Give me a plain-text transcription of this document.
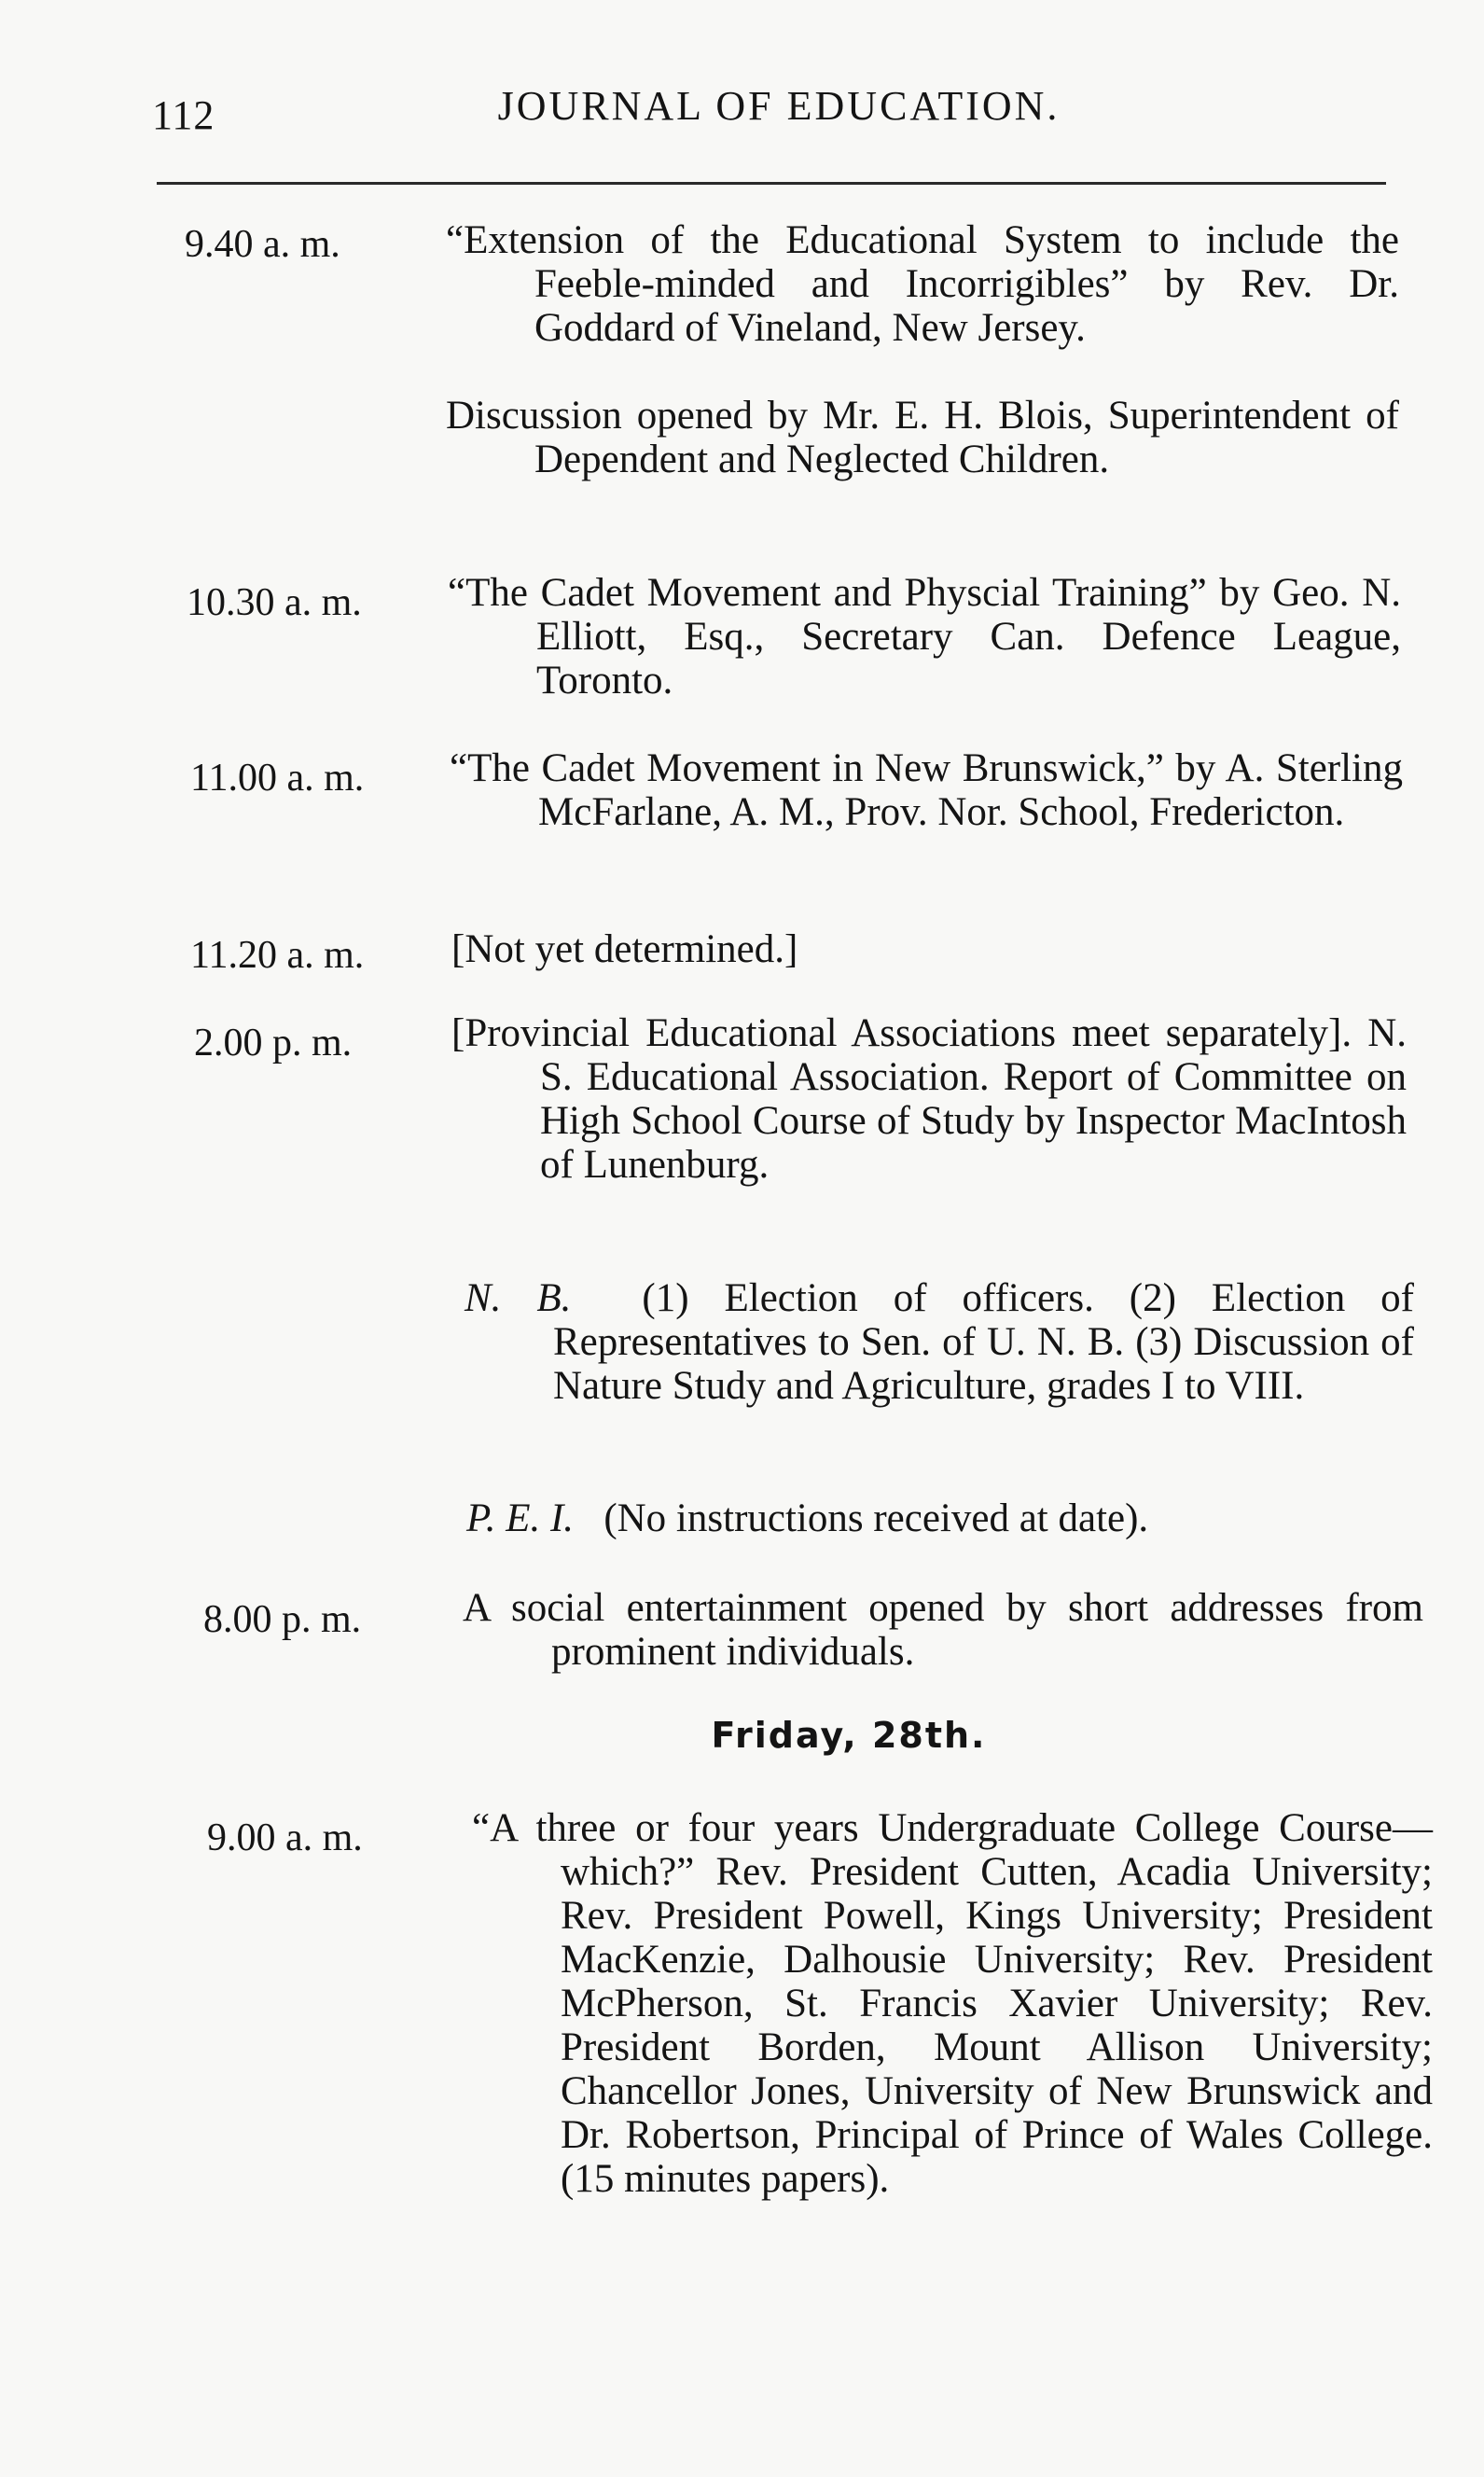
112	JOURNAL OF EDUCATION.
9.40 a. m.	“Extension of the Educational System to include the Feeble-minded and Incorrigibles” by Rev. Dr. Goddard of Vineland, New Jersey.
Discussion opened by Mr. E. H. Blois, Superintendent of Dependent and Neglected Children.
10.30 a. m. “The Cadet Movement and Physcial Training” by Geo. N. Elliott, Esq., Secretary Can. Defence League, Toronto.
11.00 a. m. “The Cadet Movement in New Brunswick,” by A. Sterling McFarlane, A. M., Prov. Nor. School, Fredericton.
11.20 a. m. [Not yet determined.]
2.00 p. m. [Provincial Educational Associations meet separately]. N. S. Educational Association. Report of Committee on High School Course of Study by Inspector MacIntosh of Lunenburg.
N. B. (1) Election of officers. (2) Election of Representatives to Sen. of U. N. B. (3) Discussion of Nature Study and Agriculture, grades I to VIII.
P. E. I. (No instructions received at date).
8.00 p. m.	A social entertainment opened by short addresses from prominent individuals.
Friday, 28th.
9.00 a. m.	“A three or four years Undergraduate College Course—which?” Rev. President Cutten, Acadia University; Rev. President Powell, Kings University; President MacKenzie, Dalhousie University; Rev. President McPherson, St. Francis Xavier University; Rev. President Borden, Mount Allison University; Chancellor Jones, University of New Brunswick and Dr. Robertson, Principal of Prince of Wales College. (15 minutes papers).
